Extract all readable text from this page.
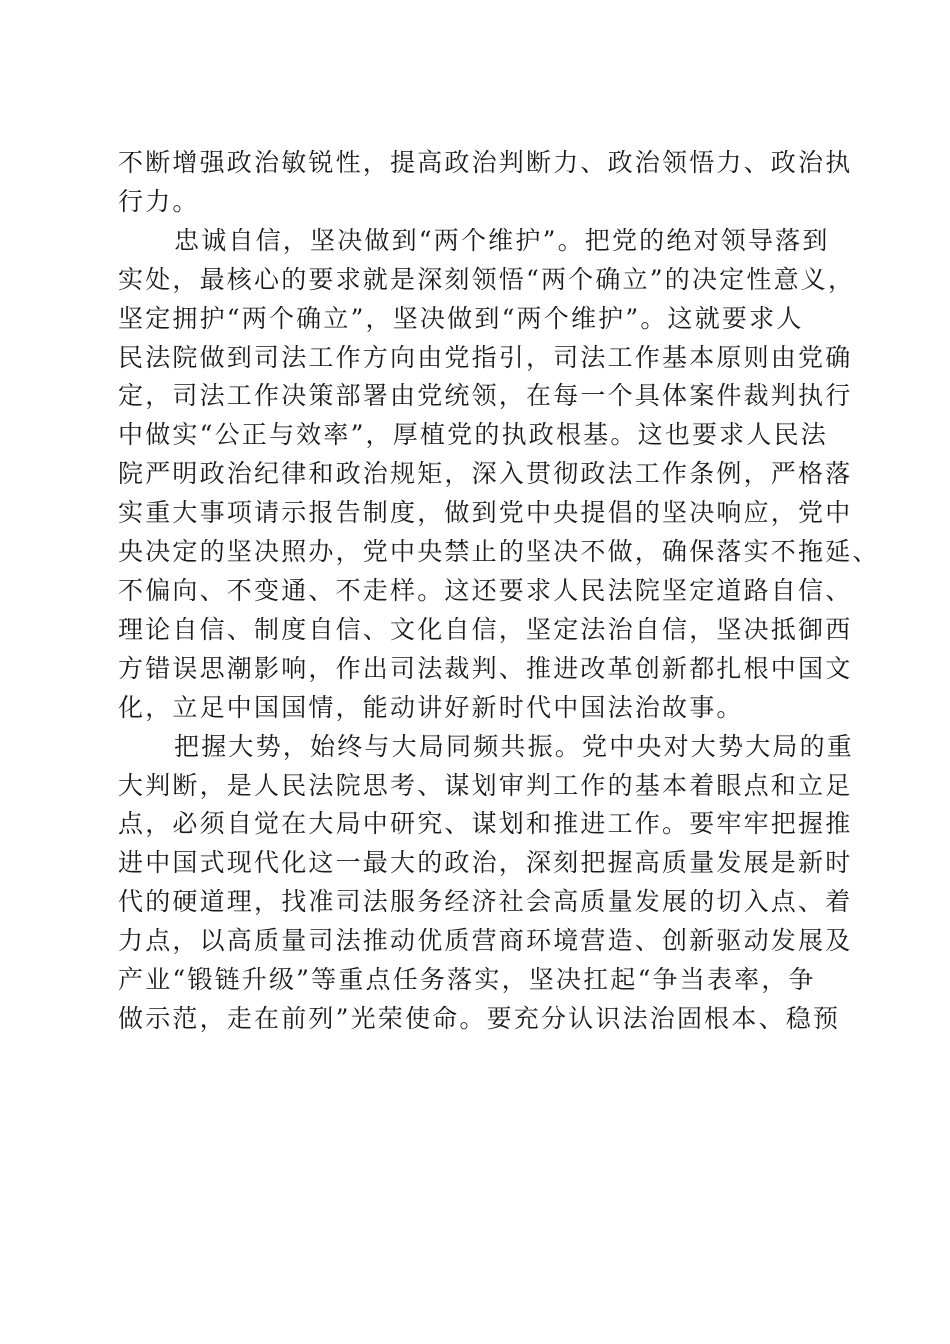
不断增强政治敏锐性，提高政治判断力、政治领悟力、政治执
行力。
忠诚自信，坚决做到“两个维护”。把党的绝对领导落到
实处，最核心的要求就是深刻领悟“两个确立”的决定性意义，
坚定拥护“两个确立”，坚决做到“两个维护”。这就要求人
民法院做到司法工作方向由党指引，司法工作基本原则由党确
定，司法工作决策部署由党统领，在每一个具体案件裁判执行
中做实“公正与效率”，厚植党的执政根基。这也要求人民法
院严明政治纪律和政治规矩，深入贯彻政法工作条例，严格落
实重大事项请示报告制度，做到党中央提倡的坚决响应，党中
央决定的坚决照办，党中央禁止的坚决不做，确保落实不拖延、
不偏向、不变通、不走样。这还要求人民法院坚定道路自信、
理论自信、制度自信、文化自信，坚定法治自信，坚决抵御西
方错误思潮影响，作出司法裁判、推进改革创新都扎根中国文
化，立足中国国情，能动讲好新时代中国法治故事。
把握大势，始终与大局同频共振。党中央对大势大局的重
大判断，是人民法院思考、谋划审判工作的基本着眼点和立足
点，必须自觉在大局中研究、谋划和推进工作。要牢牢把握推
进中国式现代化这一最大的政治，深刻把握高质量发展是新时
代的硬道理，找准司法服务经济社会高质量发展的切入点、着
力点，以高质量司法推动优质营商环境营造、创新驱动发展及
产业“锻链升级”等重点任务落实，坚决扛起“争当表率，争
做示范，走在前列”光荣使命。要充分认识法治固根本、稳预
